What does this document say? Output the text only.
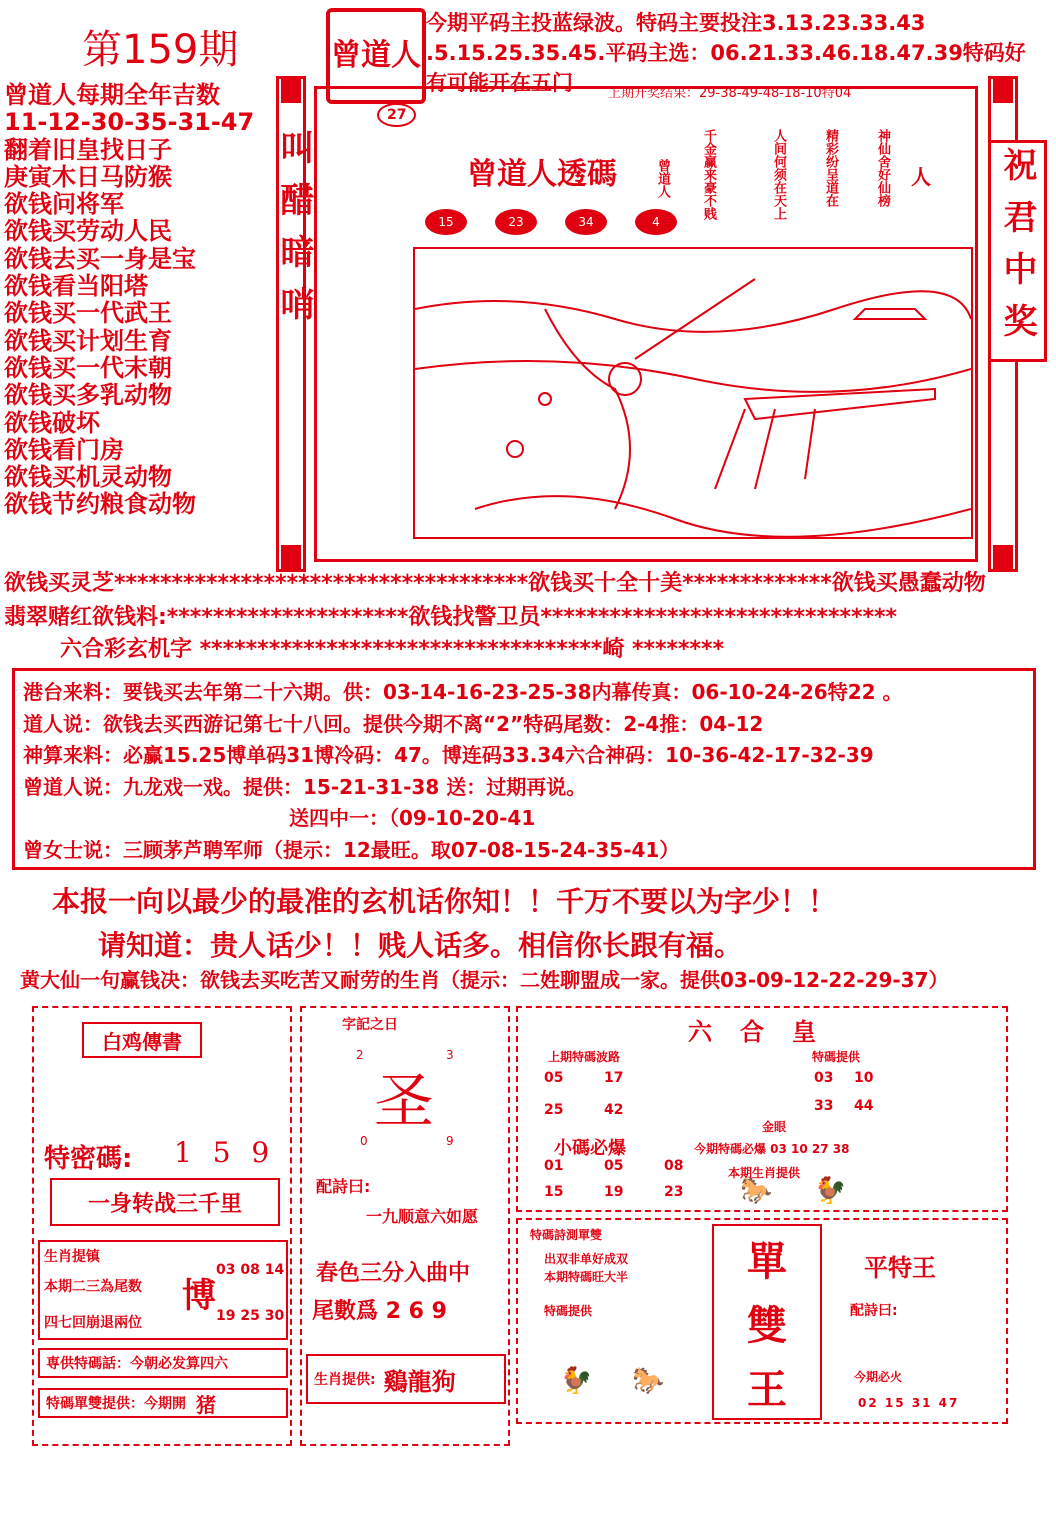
第159期	曾道人
今期平码主投蓝绿波。特码主要投注3.13.23.33.43
.5.15.25.35.45.平码主选：06.21.33.46.18.47.39特码好
有可能开在五门	上期开奖结果：29-38-49-48-18-10特04
曾道人每期全年吉数
11-12-30-35-31-47
翻着旧皇找日子
庚寅木日马防猴
欲钱问将军
欲钱买劳动人民
欲钱去买一身是宝
欲钱看当阳塔
欲钱买一代武王
欲钱买计划生育
欲钱买一代末朝
欲钱买多乳动物
欲钱破坏
欲钱看门房
欲钱买机灵动物
欲钱节约粮食动物
27
曾道人透碼
15	23	34	4
曾道人 千金赢来豪不贱	人间何须在天上	精彩纷呈道在	神仙舍好仙榜 人
叫醋暗哨	祝君中奖
欲钱买灵芝************************************欲钱买十全十美*************欲钱买愚蠢动物
翡翠赌红欲钱料:*********************欲钱找警卫员*******************************
六合彩玄机字 ***********************************崎 ********
港台来料：要钱买去年第二十六期。供：03-14-16-23-25-38内幕传真：06-10-24-26特22 。
道人说：欲钱去买西游记第七十八回。提供今期不离“2”特码尾数：2-4推：04-12
神算来料：必赢15.25博单码31博冷码：47。博连码33.34六合神码：10-36-42-17-32-39
曾道人说：九龙戏一戏。提供：15-21-31-38 送：过期再说。
送四中一：（09-10-20-41
曾女士说：三顾茅芦聘军师（提示：12最旺。取07-08-15-24-35-41）
本报一向以最少的最准的玄机话你知！！千万不要以为字少！！
请知道：贵人话少！！贱人话多。相信你长跟有福。
黄大仙一句赢钱决：欲钱去买吃苦又耐劳的生肖（提示：二姓聊盟成一家。提供03-09-12-22-29-37）
白鸡傳書
特密碼: 1 5 9
一身转战三千里
生肖提镇
本期二三為尾数
四七回崩退兩位
博
03 08 14
19 25 30
専供特碼話：今朝必发算四六
特碼單雙提供：今期開 猪
字記之日
2	3
圣
0	9
配詩曰:
一九顺意六如愿
春色三分入曲中
尾數爲 2 6 9
生肖提供: 鷄龍狗
六合皇
上期特碼波路
05	17
25	42
特碼提供
03	10
33	44
金眼
小碼必爆	今期特碼必爆 03 10 27 38
01	05	08
15	19	23
本期生肖提供
🐎 🐓
特碼詩測單雙
出双非单好成双
本期特碼旺大半
特碼提供
單
雙
王
平特王
配詩曰:
今期必火
02 15 31 47
🐓 🐎
